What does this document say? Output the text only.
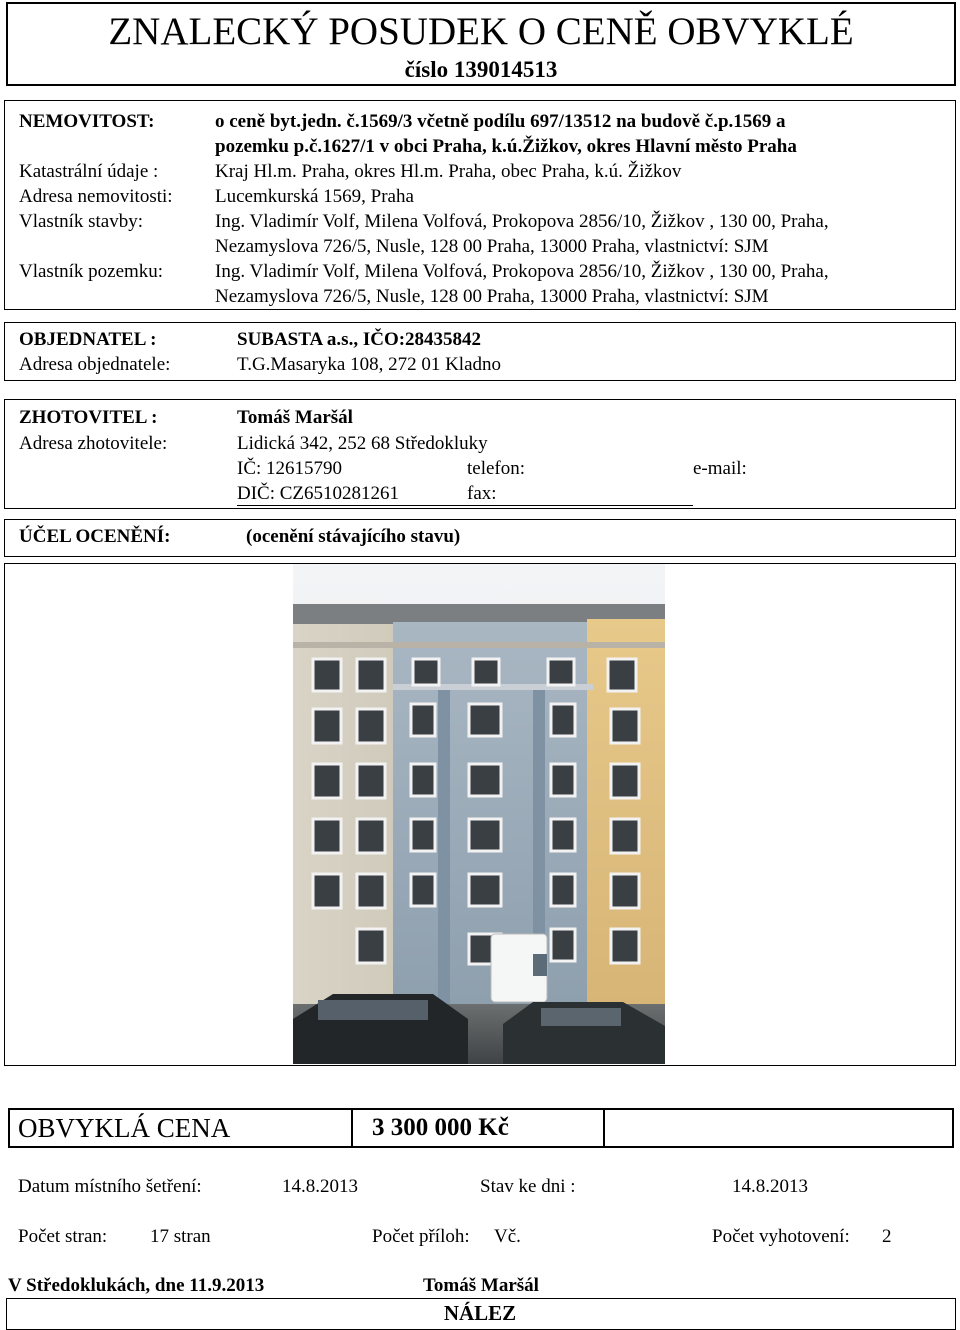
ZNALECKÝ POSUDEK O CENĚ OBVYKLÉ
číslo 139014513
NEMOVITOST:	o ceně byt.jedn. č.1569/3 včetně podílu 697/13512 na budově č.p.1569 a
pozemku p.č.1627/1 v obci Praha, k.ú.Žižkov, okres Hlavní město Praha
Katastrální údaje :	Kraj Hl.m. Praha, okres Hl.m. Praha, obec Praha, k.ú. Žižkov
Adresa nemovitosti: Lucemkurská 1569, Praha
Vlastník stavby:	Ing. Vladimír Volf, Milena Volfová, Prokopova 2856/10, Žižkov , 130 00, Praha,
Nezamyslova 726/5, Nusle, 128 00 Praha, 13000 Praha, vlastnictví: SJM
Vlastník pozemku:	Ing. Vladimír Volf, Milena Volfová, Prokopova 2856/10, Žižkov , 130 00, Praha,
Nezamyslova 726/5, Nusle, 128 00 Praha, 13000 Praha, vlastnictví: SJM
OBJEDNATEL :	SUBASTA a.s., IČO:28435842
Adresa objednatele:	T.G.Masaryka 108, 272 01 Kladno
ZHOTOVITEL :	Tomáš Maršál
Adresa zhotovitele:	Lidická 342, 252 68 Středokluky
IČ: 12615790	telefon:	e-mail:
DIČ: CZ6510281261	fax:
ÚČEL OCENĚNÍ:	(ocenění stávajícího stavu)
OBVYKLÁ CENA	3 300 000 Kč
Datum místního šetření:	14.8.2013	Stav ke dni :	14.8.2013
Počet stran: 17 stran	Počet příloh: Vč.	Počet vyhotovení: 2
V Středoklukách, dne 11.9.2013	Tomáš Maršál
NÁLEZ
